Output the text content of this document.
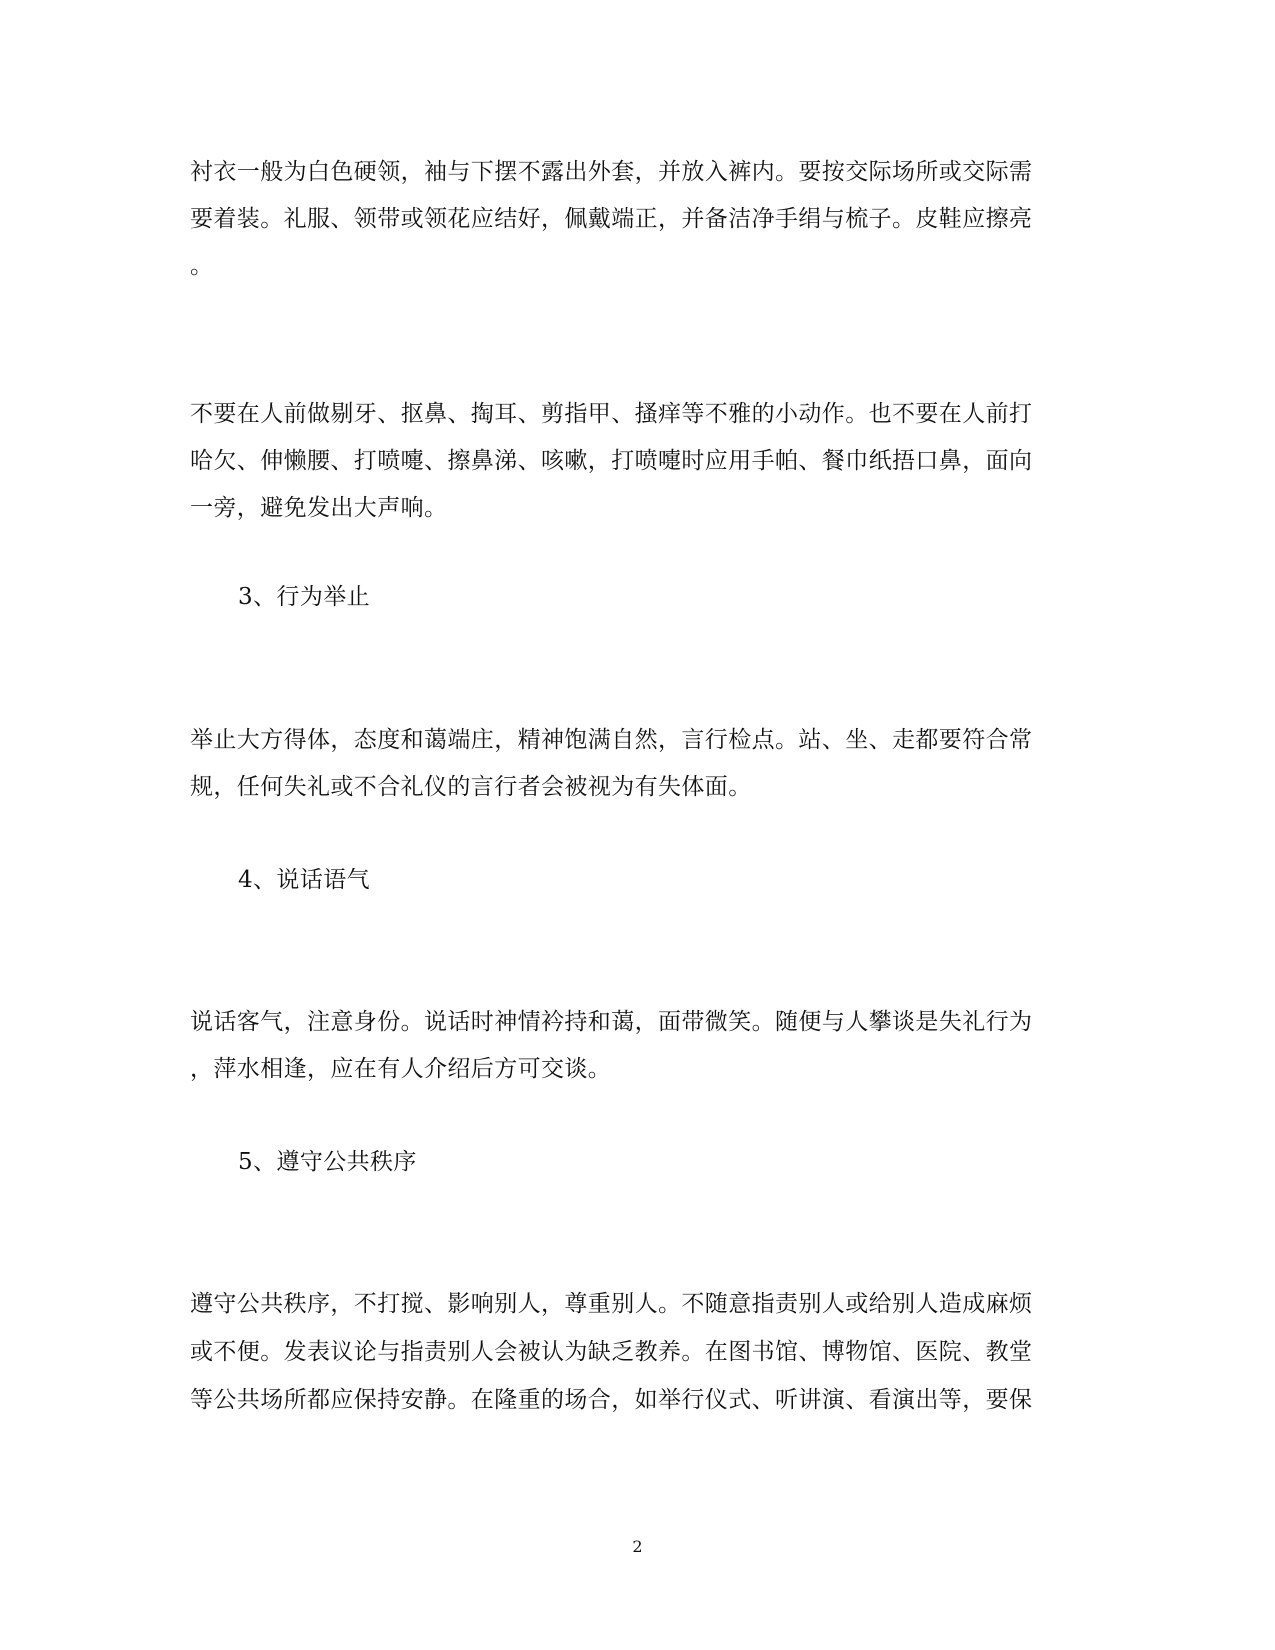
衬衣一般为白色硬领，袖与下摆不露出外套，并放入裤内。要按交际场所或交际需
要着装。礼服、领带或领花应结好，佩戴端正，并备洁净手绢与梳子。皮鞋应擦亮
。
不要在人前做剔牙、抠鼻、掏耳、剪指甲、搔痒等不雅的小动作。也不要在人前打
哈欠、伸懒腰、打喷嚏、擦鼻涕、咳嗽，打喷嚏时应用手帕、餐巾纸捂口鼻，面向
一旁，避免发出大声响。
3、行为举止
举止大方得体，态度和蔼端庄，精神饱满自然，言行检点。站、坐、走都要符合常
规，任何失礼或不合礼仪的言行者会被视为有失体面。
4、说话语气
说话客气，注意身份。说话时神情衿持和蔼，面带微笑。随便与人攀谈是失礼行为
，萍水相逢，应在有人介绍后方可交谈。
5、遵守公共秩序
遵守公共秩序，不打搅、影响别人，尊重别人。不随意指责别人或给别人造成麻烦
或不便。发表议论与指责别人会被认为缺乏教养。在图书馆、博物馆、医院、教堂
等公共场所都应保持安静。在隆重的场合，如举行仪式、听讲演、看演出等，要保
2
